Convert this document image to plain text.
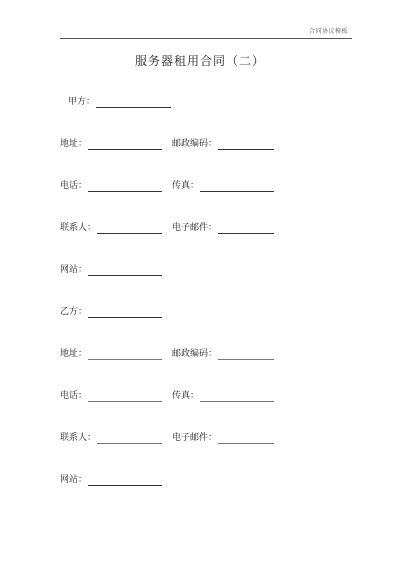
合同协议模板
服务器租用合同（二）
甲方：
地址：	邮政编码：
电话：	传真：
联系人：	电子邮件：
网站：
乙方：
地址：	邮政编码：
电话：	传真：
联系人：	电子邮件：
网站：
